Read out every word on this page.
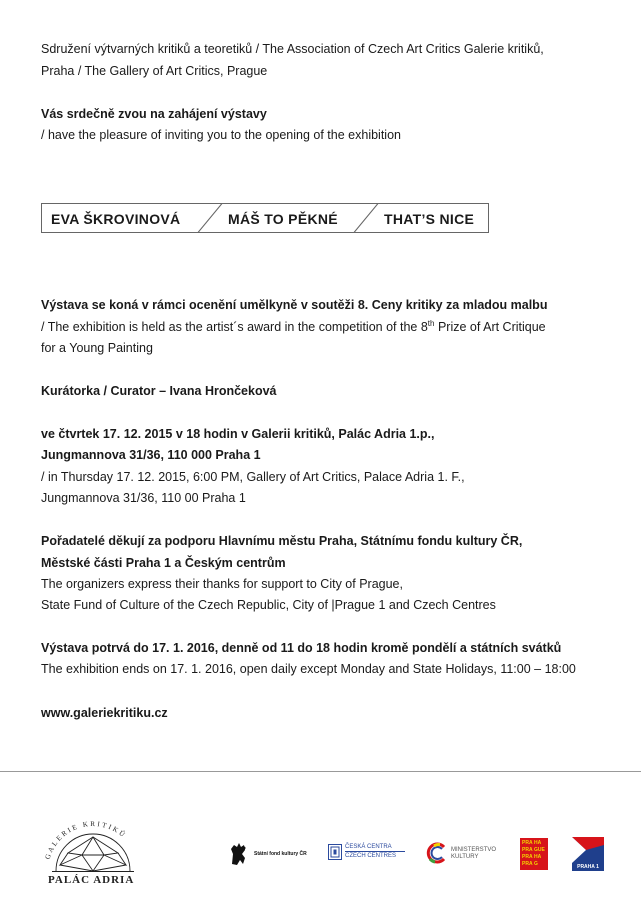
Sdružení výtvarných kritiků a teoretiků / The Association of Czech Art Critics Galerie kritiků,
Praha / The Gallery of Art Critics, Prague
Vás srdečně zvou na zahájení výstavy
/ have the pleasure of inviting you to the opening of the exhibition
EVA ŠKROVINOVÁ	MÁŠ TO PĚKNÉ	THAT’S NICE
Výstava se koná v rámci ocenění umělkyně v soutěži 8. Ceny kritiky za mladou malbu
/ The exhibition is held as the artist´s award in the competition of the 8th Prize of Art Critique
for a Young Painting
Kurátorka / Curator – Ivana Hrončeková
ve čtvrtek 17. 12. 2015 v 18 hodin v Galerii kritiků, Palác Adria 1.p.,
Jungmannova 31/36, 110 000 Praha 1
/ in Thursday 17. 12. 2015, 6:00 PM, Gallery of Art Critics, Palace Adria 1. F.,
Jungmannova 31/36, 110 00 Praha 1
Pořadatelé děkují za podporu Hlavnímu městu Praha, Státnímu fondu kultury ČR,
Městské části Praha 1 a Českým centrům
The organizers express their thanks for support to City of Prague,
State Fund of Culture of the Czech Republic, City of |Prague 1 and Czech Centres
Výstava potrvá do 17. 1. 2016, denně od 11 do 18 hodin kromě pondělí a státních svátků
The exhibition ends on 17. 1. 2016, open daily except Monday and State Holidays, 11:00 – 18:00
www.galeriekritiku.cz
GALERIE KRITIKŮ
PALÁC ADRIA
Státní fond kultury ČR
ČESKÁ CENTRA
CZECH CENTRES
MINISTERSTVO
KULTURY
PRA HA
PRA GUE
PRA HA
PRA G	PRAHA 1
